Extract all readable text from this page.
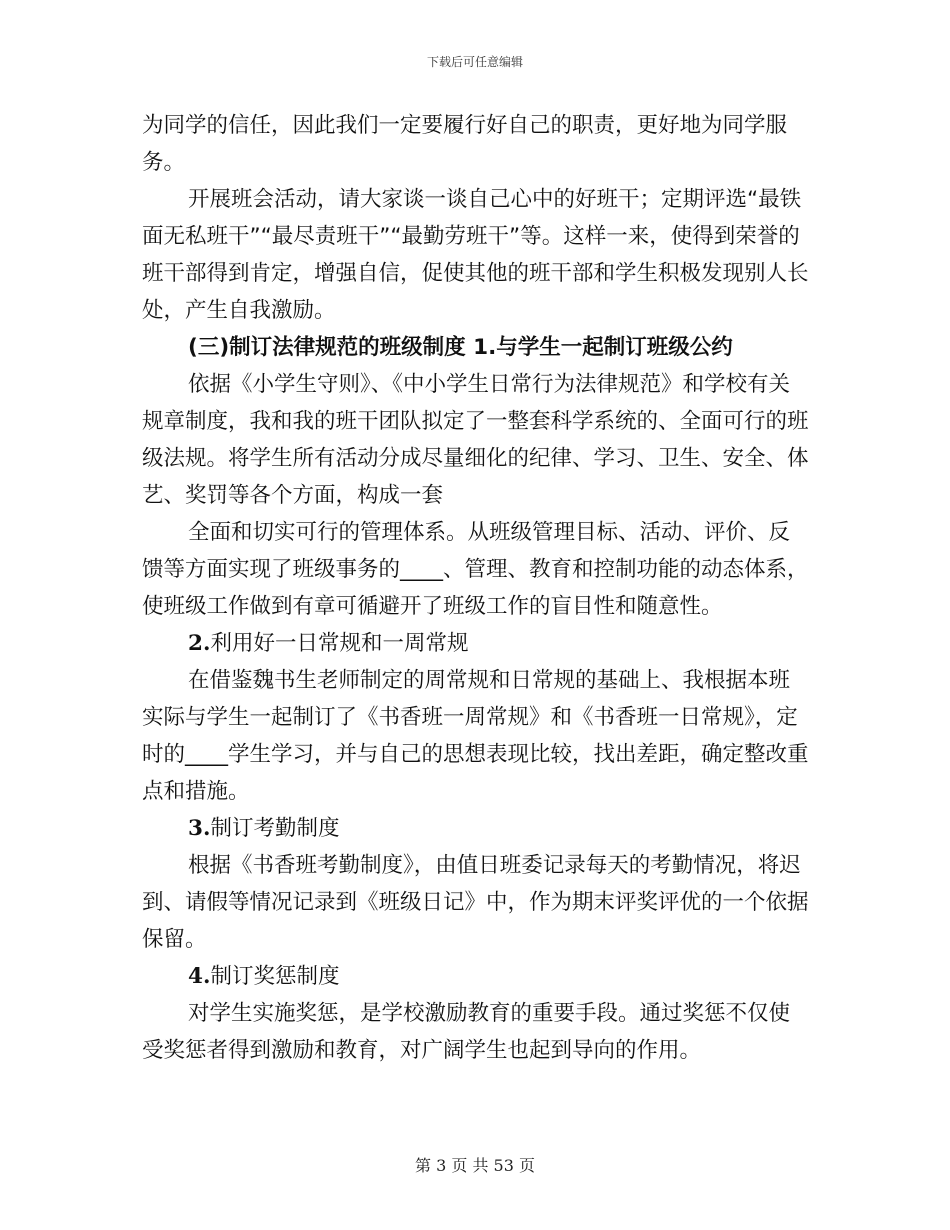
下载后可任意编辑

为同学的信任，因此我们一定要履行好自己的职责，更好地为同学服务。

开展班会活动，请大家谈一谈自己心中的好班干；定期评选“最铁面无私班干”“最尽责班干”“最勤劳班干”等。这样一来，使得到荣誉的班干部得到肯定，增强自信，促使其他的班干部和学生积极发现别人长处，产生自我激励。

(三)制订法律规范的班级制度 1.与学生一起制订班级公约

依据《小学生守则》、《中小学生日常行为法律规范》和学校有关规章制度，我和我的班干团队拟定了一整套科学系统的、全面可行的班级法规。将学生所有活动分成尽量细化的纪律、学习、卫生、安全、体艺、奖罚等各个方面，构成一套

全面和切实可行的管理体系。从班级管理目标、活动、评价、反馈等方面实现了班级事务的____、管理、教育和控制功能的动态体系，使班级工作做到有章可循避开了班级工作的盲目性和随意性。

2.利用好一日常规和一周常规

在借鉴魏书生老师制定的周常规和日常规的基础上、我根据本班实际与学生一起制订了《书香班一周常规》和《书香班一日常规》，定时的____学生学习，并与自己的思想表现比较，找出差距，确定整改重点和措施。

3.制订考勤制度

根据《书香班考勤制度》，由值日班委记录每天的考勤情况，将迟到、请假等情况记录到《班级日记》中，作为期末评奖评优的一个依据保留。

4.制订奖惩制度

对学生实施奖惩，是学校激励教育的重要手段。通过奖惩不仅使受奖惩者得到激励和教育，对广阔学生也起到导向的作用。

第 3 页 共 53 页
